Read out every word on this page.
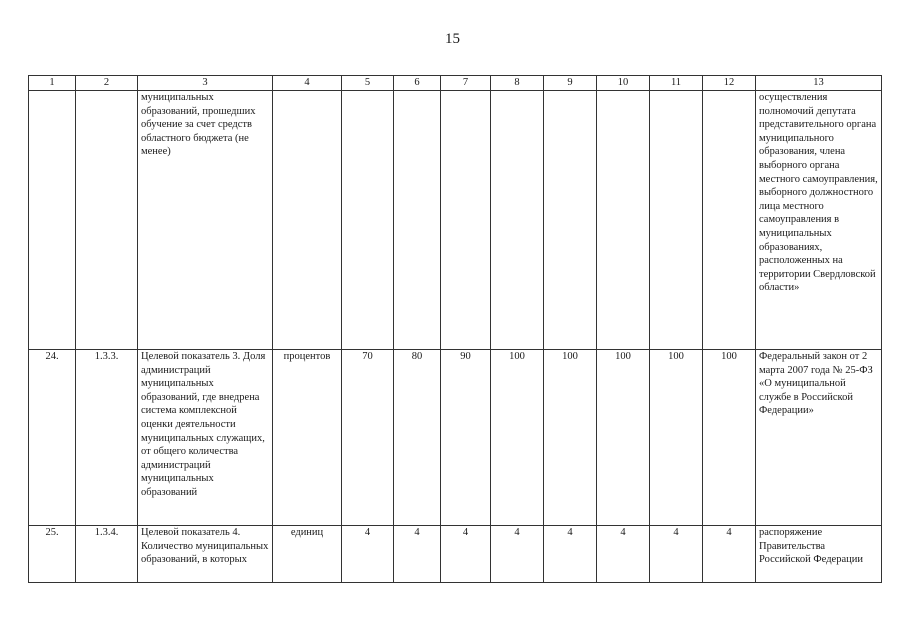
15
1	2	3	4	5	6	7	8	9	10	11	12	13
		муниципальных образований, прошедших обучение за счет средств областного бюджета (не менее)										осуществления полномочий депутата представительного органа муниципального образования, члена выборного органа местного самоуправления, выборного должностного лица местного самоуправления в муниципальных образованиях, расположенных на территории Свердловской области»
24.	1.3.3.	Целевой показатель 3. Доля администраций муниципальных образований, где внедрена система комплексной оценки деятельности муниципальных служащих, от общего количества администраций муниципальных образований	процентов	70	80	90	100	100	100	100	100	Федеральный закон от 2 марта 2007 года № 25-ФЗ «О муниципальной службе в Российской Федерации»
25.	1.3.4.	Целевой показатель 4. Количество муниципальных образований, в которых	единиц	4	4	4	4	4	4	4	4	распоряжение Правительства Российской Федерации
